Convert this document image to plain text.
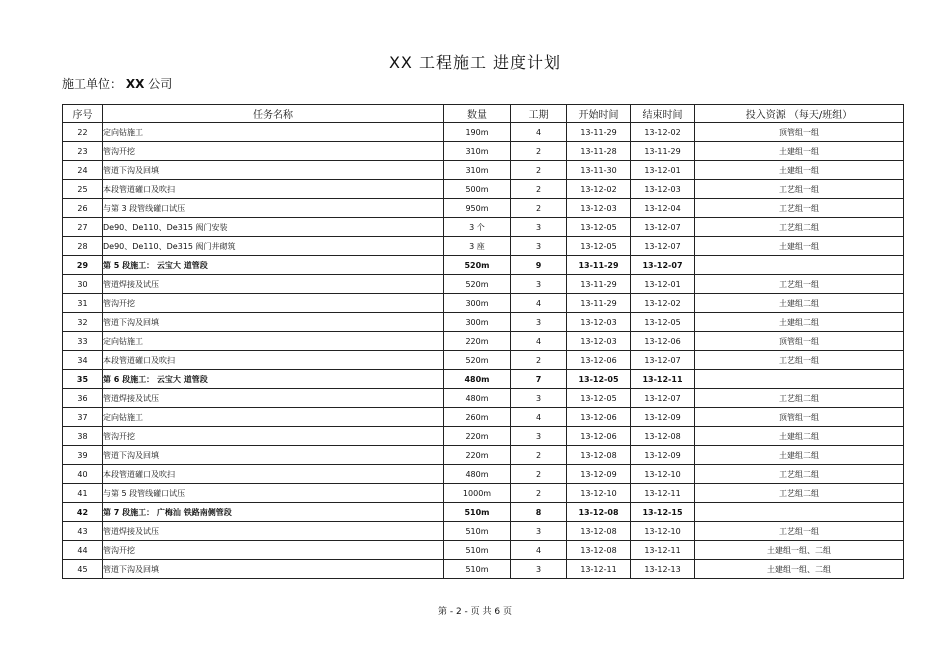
XX 工程施工 进度计划
施工单位： XX 公司
序号	任务名称	数量	工期	开始时间	结束时间	投入资源 （每天/班组）
22	定向钻施工	190m	4	13-11-29	13-12-02	顶管组一组
23	管沟开挖	310m	2	13-11-28	13-11-29	土建组一组
24	管道下沟及回填	310m	2	13-11-30	13-12-01	土建组一组
25	本段管道礶口及吹扫	500m	2	13-12-02	13-12-03	工艺组一组
26	与第 3 段管线礶口试压	950m	2	13-12-03	13-12-04	工艺组一组
27	De90、De110、De315 阀门安装	3 个	3	13-12-05	13-12-07	工艺组二组
28	De90、De110、De315 阀门井砌筑	3 座	3	13-12-05	13-12-07	土建组一组
29	第 5 段施工： 云宝大 道管段	520m	9	13-11-29	13-12-07	
30	管道焊接及试压	520m	3	13-11-29	13-12-01	工艺组一组
31	管沟开挖	300m	4	13-11-29	13-12-02	土建组二组
32	管道下沟及回填	300m	3	13-12-03	13-12-05	土建组二组
33	定向钻施工	220m	4	13-12-03	13-12-06	顶管组一组
34	本段管道礶口及吹扫	520m	2	13-12-06	13-12-07	工艺组一组
35	第 6 段施工： 云宝大 道管段	480m	7	13-12-05	13-12-11	
36	管道焊接及试压	480m	3	13-12-05	13-12-07	工艺组二组
37	定向钻施工	260m	4	13-12-06	13-12-09	顶管组一组
38	管沟开挖	220m	3	13-12-06	13-12-08	土建组二组
39	管道下沟及回填	220m	2	13-12-08	13-12-09	土建组二组
40	本段管道礶口及吹扫	480m	2	13-12-09	13-12-10	工艺组二组
41	与第 5 段管线礶口试压	1000m	2	13-12-10	13-12-11	工艺组二组
42	第 7 段施工： 广梅汕 铁路南侧管段	510m	8	13-12-08	13-12-15	
43	管道焊接及试压	510m	3	13-12-08	13-12-10	工艺组一组
44	管沟开挖	510m	4	13-12-08	13-12-11	土建组一组、二组
45	管道下沟及回填	510m	3	13-12-11	13-12-13	土建组一组、二组
第 - 2 - 页 共 6 页
